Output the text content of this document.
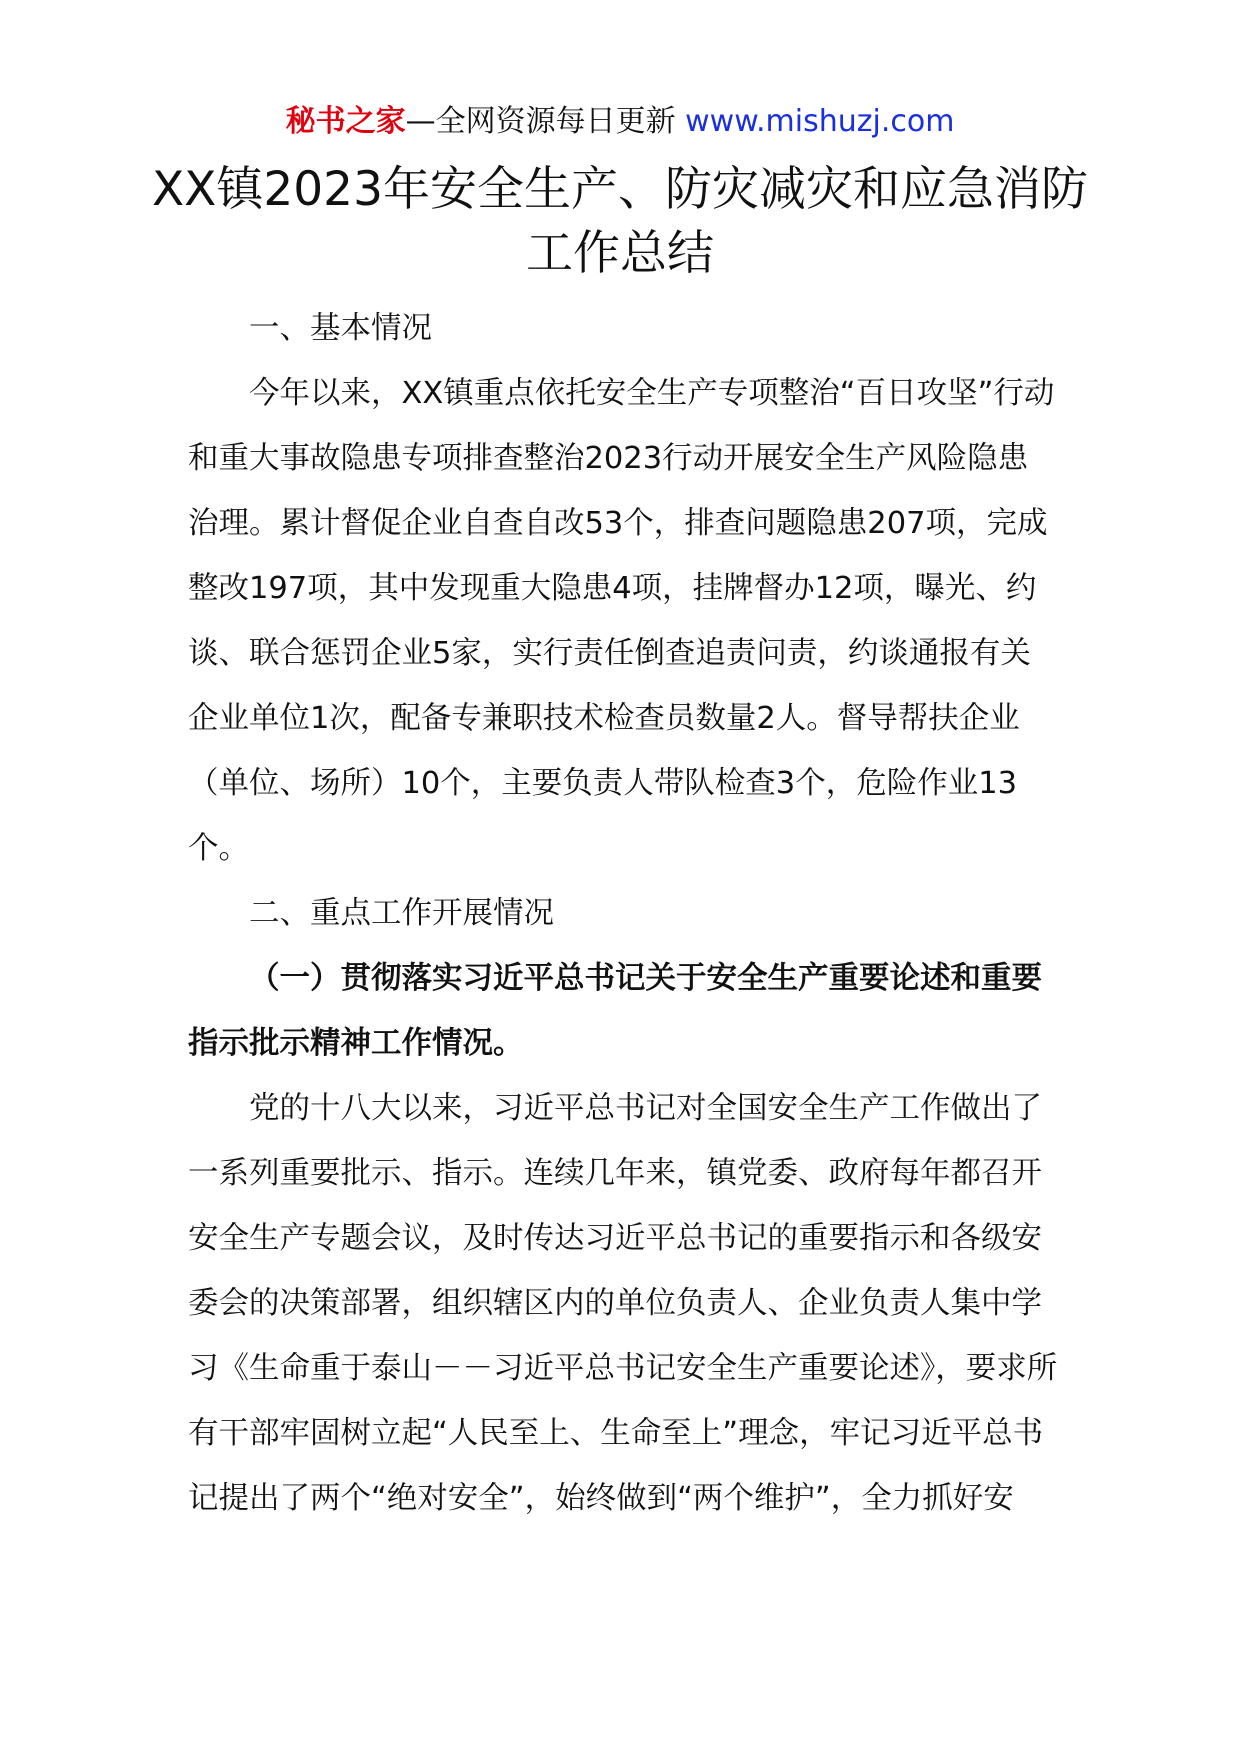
秘书之家—全网资源每日更新 www.mishuzj.com
XX镇2023年安全生产、防灾减灾和应急消防工作总结

一、基本情况

今年以来，XX镇重点依托安全生产专项整治“百日攻坚”行动和重大事故隐患专项排查整治2023行动开展安全生产风险隐患治理。累计督促企业自查自改53个，排查问题隐患207项，完成整改197项，其中发现重大隐患4项，挂牌督办12项，曝光、约谈、联合惩罚企业5家，实行责任倒查追责问责，约谈通报有关企业单位1次，配备专兼职技术检查员数量2人。督导帮扶企业（单位、场所）10个，主要负责人带队检查3个，危险作业13个。

二、重点工作开展情况

（一）贯彻落实习近平总书记关于安全生产重要论述和重要指示批示精神工作情况。

党的十八大以来，习近平总书记对全国安全生产工作做出了一系列重要批示、指示。连续几年来，镇党委、政府每年都召开安全生产专题会议，及时传达习近平总书记的重要指示和各级安委会的决策部署，组织辖区内的单位负责人、企业负责人集中学习《生命重于泰山－－习近平总书记安全生产重要论述》，要求所有干部牢固树立起“人民至上、生命至上”理念，牢记习近平总书记提出了两个“绝对安全”，始终做到“两个维护”，全力抓好安
